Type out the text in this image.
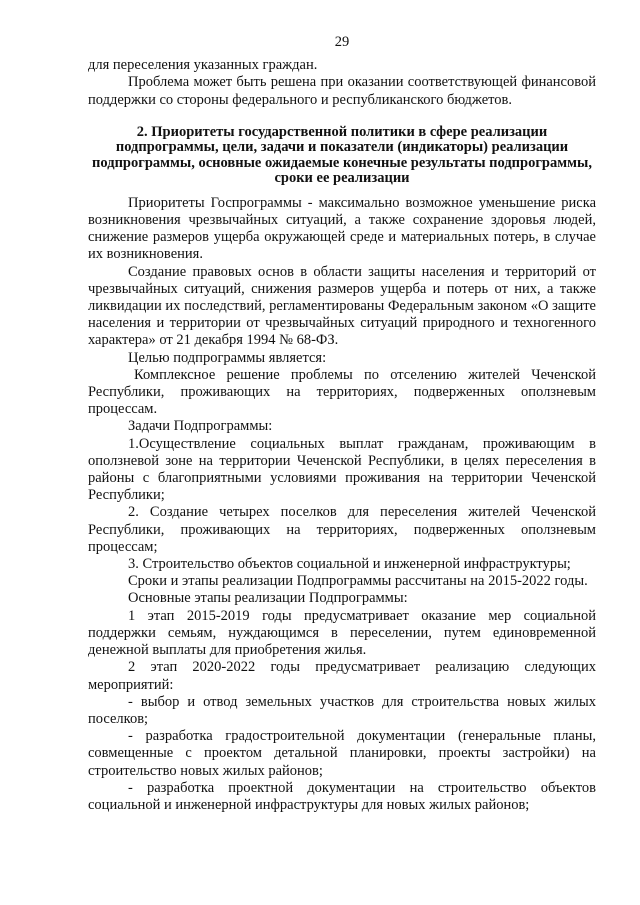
29

для переселения указанных граждан.

Проблема может быть решена при оказании соответствующей финансовой поддержки со стороны федерального и республиканского бюджетов.

2. Приоритеты государственной политики в сфере реализации подпрограммы, цели, задачи и показатели (индикаторы) реализации подпрограммы, основные ожидаемые конечные результаты подпрограммы, сроки ее реализации

Приоритеты Госпрограммы - максимально возможное уменьшение риска возникновения чрезвычайных ситуаций, а также сохранение здоровья людей, снижение размеров ущерба окружающей среде и материальных потерь, в случае их возникновения.

Создание правовых основ в области защиты населения и территорий от чрезвычайных ситуаций, снижения размеров ущерба и потерь от них, а также ликвидации их последствий, регламентированы Федеральным законом «О защите населения и территории от чрезвычайных ситуаций природного и техногенного характера» от 21 декабря 1994 № 68-ФЗ.

Целью подпрограммы является:

Комплексное решение проблемы по отселению жителей Чеченской Республики, проживающих на территориях, подверженных оползневым процессам.

Задачи Подпрограммы:

1.Осуществление социальных выплат гражданам, проживающим в оползневой зоне на территории Чеченской Республики, в целях переселения в районы с благоприятными условиями проживания на территории Чеченской Республики;

2. Создание четырех поселков для переселения жителей Чеченской Республики, проживающих на территориях, подверженных оползневым процессам;

3. Строительство объектов социальной и инженерной инфраструктуры;

Сроки и этапы реализации Подпрограммы рассчитаны на 2015-2022 годы.

Основные этапы реализации Подпрограммы:

1 этап 2015-2019 годы предусматривает оказание мер социальной поддержки семьям, нуждающимся в переселении, путем единовременной денежной выплаты для приобретения жилья.

2 этап 2020-2022 годы предусматривает реализацию следующих мероприятий:

- выбор и отвод земельных участков для строительства новых жилых поселков;

- разработка градостроительной документации (генеральные планы, совмещенные с проектом детальной планировки, проекты застройки) на строительство новых жилых районов;

- разработка проектной документации на строительство объектов социальной и инженерной инфраструктуры для новых жилых районов;
